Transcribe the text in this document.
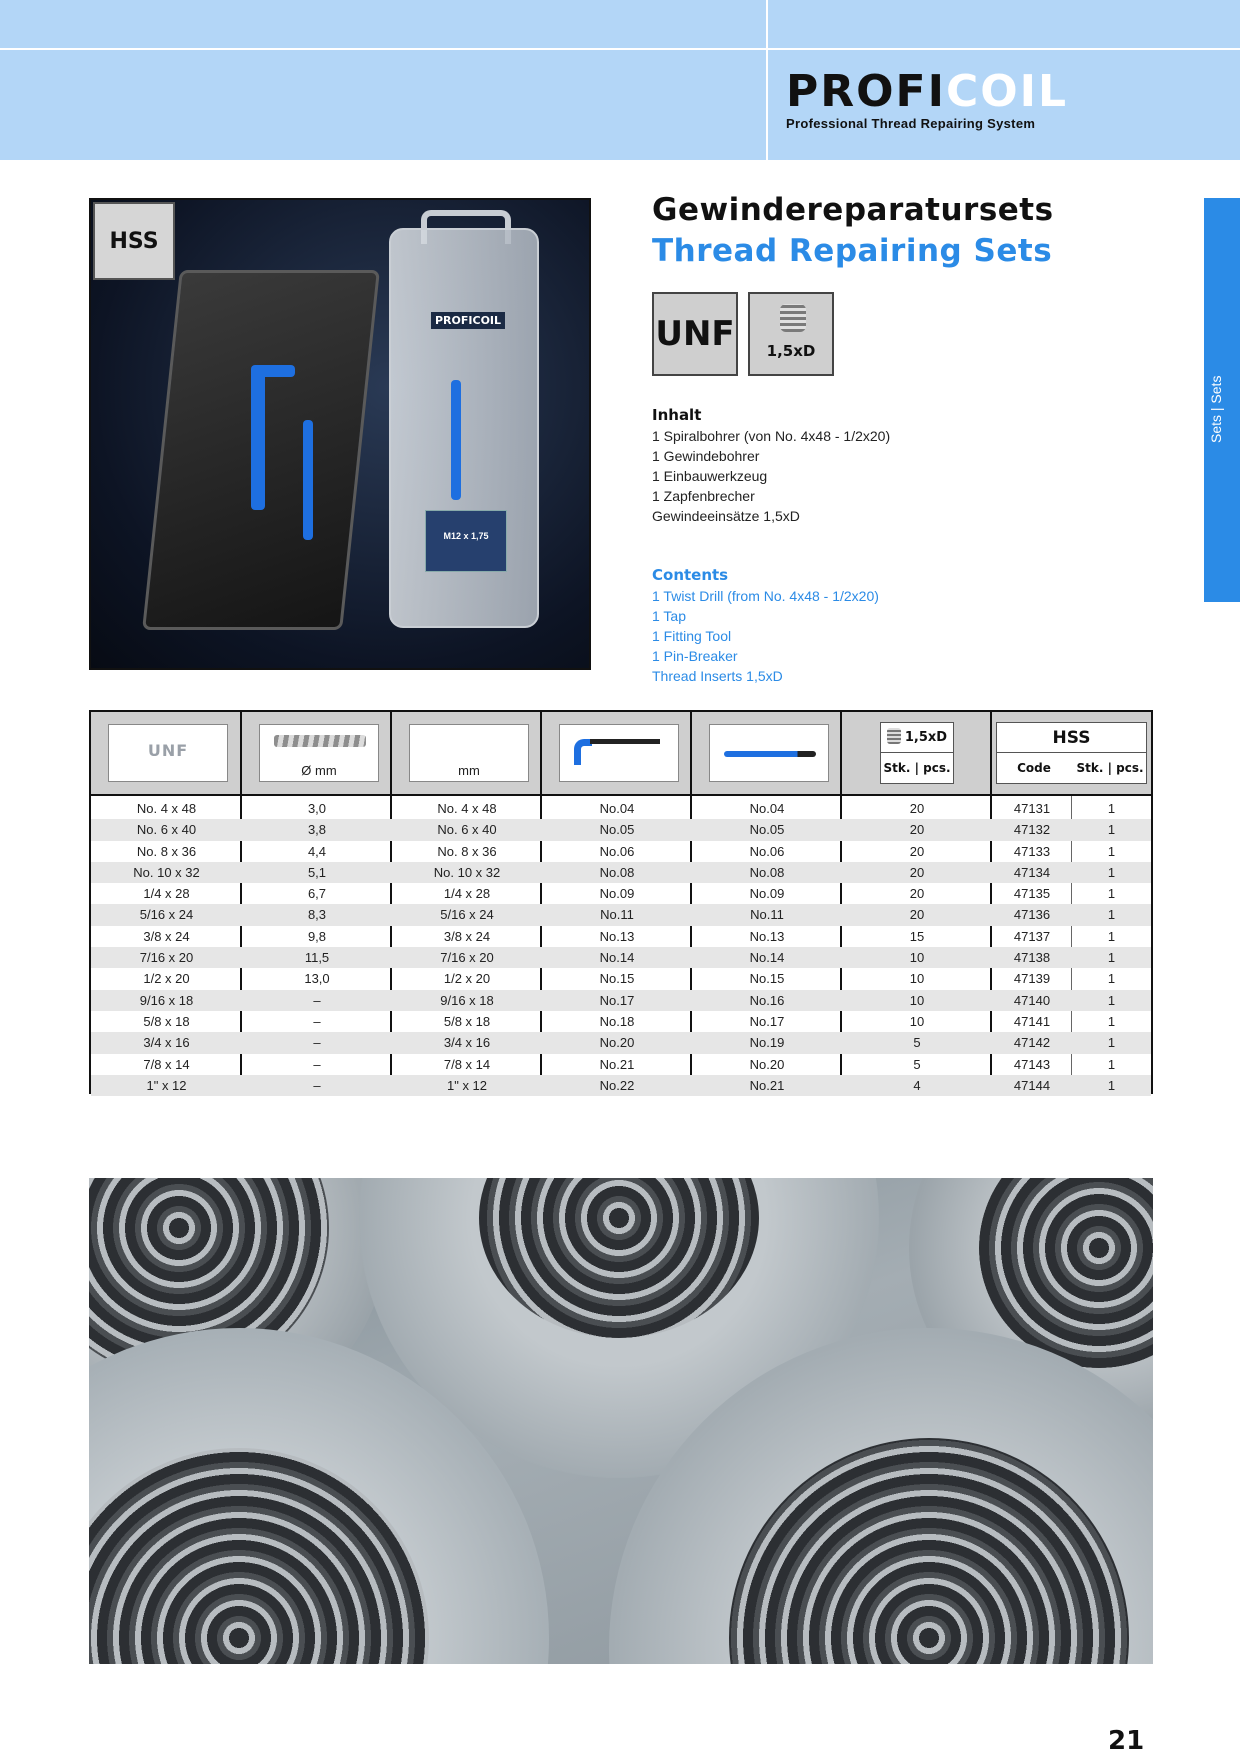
PROFICOIL
Professional Thread Repairing System
Sets | Sets
PROFICOIL
M12 x 1,75
HSS
Gewindereparatursets
Thread Repairing Sets
UNF	1,5xD
Inhalt
1 Spiralbohrer (von No. 4x48 - 1/2x20)
1 Gewindebohrer
1 Einbauwerkzeug
1 Zapfenbrecher
Gewindeeinsätze 1,5xD
Contents
1 Twist Drill (from No. 4x48 - 1/2x20)
1 Tap
1 Fitting Tool
1 Pin-Breaker
Thread Inserts 1,5xD
UNF
Ø mm	mm
1,5xD
Stk. | pcs.
HSS
Code	Stk. | pcs.
No. 4 x 48	3,0	No. 4 x 48	No.04	No.04	20	47131	1
No. 6 x 40	3,8	No. 6 x 40	No.05	No.05	20	47132	1
No. 8 x 36	4,4	No. 8 x 36	No.06	No.06	20	47133	1
No. 10 x 32	5,1	No. 10 x 32	No.08	No.08	20	47134	1
1/4 x 28	6,7	1/4 x 28	No.09	No.09	20	47135	1
5/16 x 24	8,3	5/16 x 24	No.11	No.11	20	47136	1
3/8 x 24	9,8	3/8 x 24	No.13	No.13	15	47137	1
7/16 x 20	11,5	7/16 x 20	No.14	No.14	10	47138	1
1/2 x 20	13,0	1/2 x 20	No.15	No.15	10	47139	1
9/16 x 18	–	9/16 x 18	No.17	No.16	10	47140	1
5/8 x 18	–	5/8 x 18	No.18	No.17	10	47141	1
3/4 x 16	–	3/4 x 16	No.20	No.19	5	47142	1
7/8 x 14	–	7/8 x 14	No.21	No.20	5	47143	1
1" x 12	–	1" x 12	No.22	No.21	4	47144	1
21
